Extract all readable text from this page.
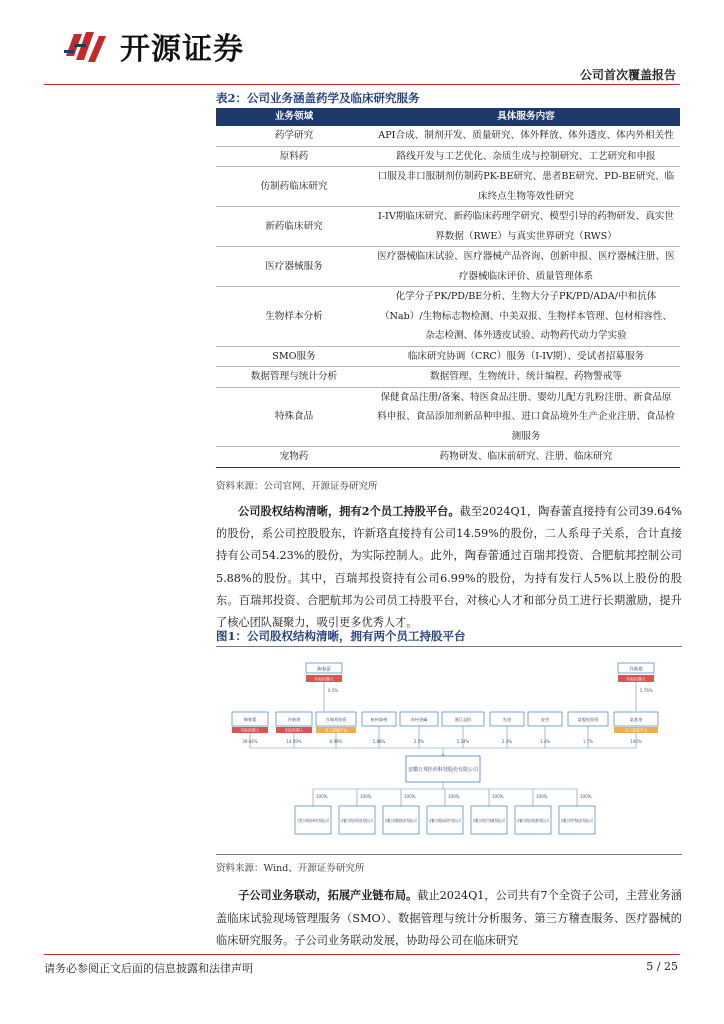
开源证券
公司首次覆盖报告
表2：公司业务涵盖药学及临床研究服务
业务领域	具体服务内容
药学研究	API合成、制剂开发、质量研究、体外释放、体外透皮、体内外相关性
原料药	路线开发与工艺优化、杂质生成与控制研究、工艺研究和申报
仿制药临床研究	口服及非口服制剂仿制药PK-BE研究、患者BE研究、PD-BE研究、临床终点生物等效性研究
新药临床研究	I-IV期临床研究、新药临床药理学研究、模型引导的药物研发、真实世界数据（RWE）与真实世界研究（RWS）
医疗器械服务	医疗器械临床试验、医疗器械产品咨询、创新申报、医疗器械注册、医疗器械临床评价、质量管理体系
生物样本分析	化学分子PK/PD/BE分析、生物大分子PK/PD/ADA/中和抗体（Nab）/生物标志物检测、中美双报、生物样本管理、包材相容性、杂志检测、体外透皮试验、动物药代动力学实验
SMO服务	临床研究协调（CRC）服务（I-IV期）、受试者招募服务
数据管理与统计分析	数据管理、生物统计、统计编程、药物警戒等
特殊食品	保健食品注册/备案、特医食品注册、婴幼儿配方乳粉注册、新食品原料申报、食品添加剂新品种申报、进口食品境外生产企业注册、食品检测服务
宠物药	药物研发、临床前研究、注册、临床研究
资料来源：公司官网、开源证券研究所
公司股权结构清晰，拥有2个员工持股平台。截至2024Q1，陶春蕾直接持有公司39.64%的股份，系公司控股股东，许新珞直接持有公司14.59%的股份，二人系母子关系，合计直接持有公司54.23%的股份，为实际控制人。此外，陶春蕾通过百瑞邦投资、合肥航邦控制公司5.88%的股份。其中，百瑞邦投资持有公司6.99%的股份，为持有发行人5%以上股份的股东。百瑞邦投资、合肥航邦为公司员工持股平台，对核心人才和部分员工进行长期激励，提升了核心团队凝聚力，吸引更多优秀人才。
图1：公司股权结构清晰，拥有两个员工持股平台
陶春蕾
实际控制人
许新珞
实际控制人
0.5%	5.76%
陶春蕾	许新珞	百瑞邦投资	杭州泰格	苏州金阖	浙江益阶	先进	安会	某股权投资	某基金
实际控制人	实际控制人	员工持股平台	员工持股平台
39.64%	14.59%	6.99%	5.88%	2.5%	5.24%	2.4%	1.4%	1.7%	100%
安徽万邦医药科技股份有限公司
100%	100%	100%	100%	100%	100%	100%
合肥万邦临床研究有限公司	安徽万邦医药科技有限公司	安徽万邦数据技术有限公司	安徽万邦临床研究有限公司	安徽万邦医疗器械有限公司	安徽万邦医药检测有限公司	安徽万邦生物技术有限公司
资料来源：Wind、开源证券研究所
子公司业务联动，拓展产业链布局。截止2024Q1，公司共有7个全资子公司，主营业务涵盖临床试验现场管理服务（SMO）、数据管理与统计分析服务、第三方稽查服务、医疗器械的临床研究服务。子公司业务联动发展，协助母公司在临床研究
请务必参阅正文后面的信息披露和法律声明	5 / 25
